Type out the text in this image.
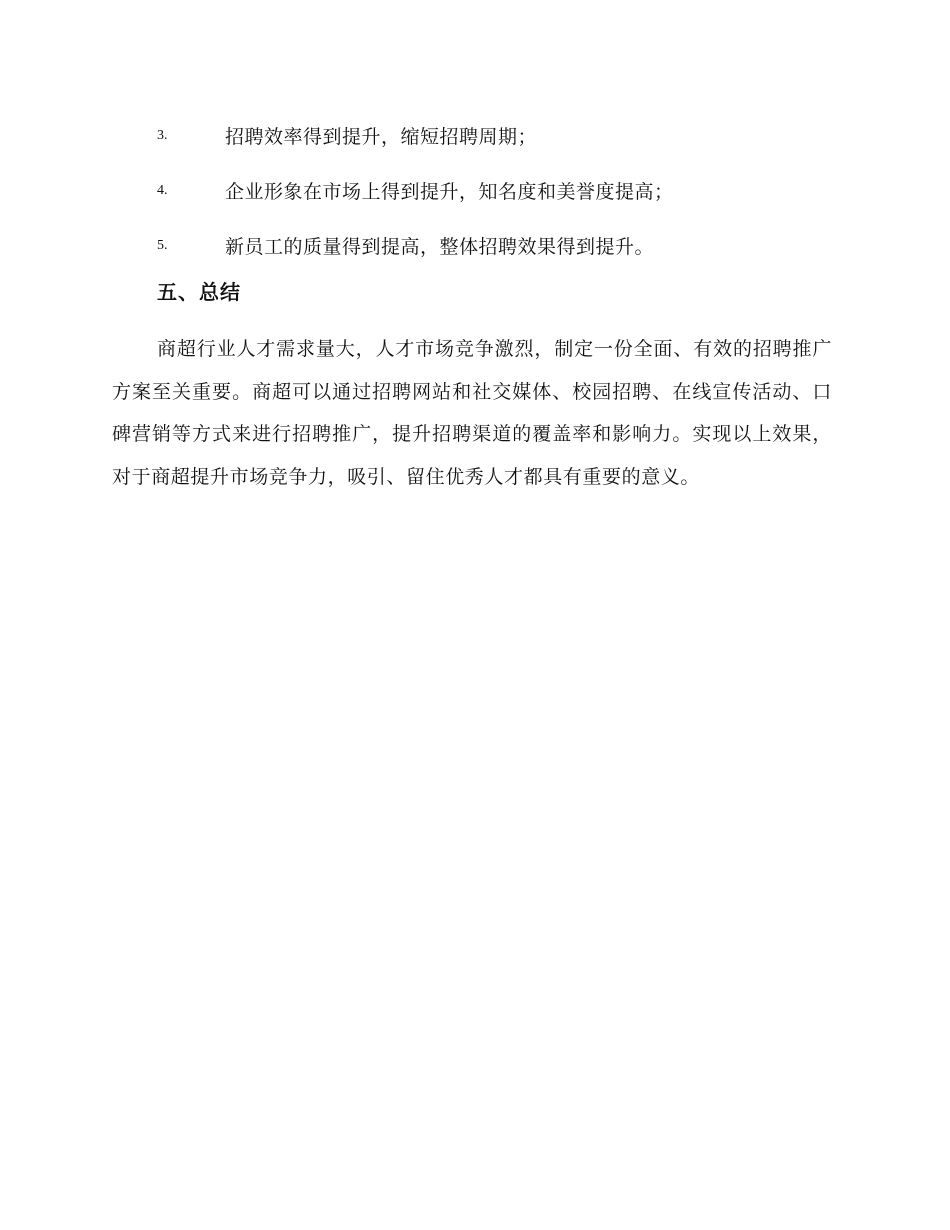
3.	招聘效率得到提升，缩短招聘周期；
4.	企业形象在市场上得到提升，知名度和美誉度提高；
5.	新员工的质量得到提高，整体招聘效果得到提升。
五、总结

商超行业人才需求量大，人才市场竞争激烈，制定一份全面、有效的招聘推广方案至关重要。商超可以通过招聘网站和社交媒体、校园招聘、在线宣传活动、口碑营销等方式来进行招聘推广，提升招聘渠道的覆盖率和影响力。实现以上效果，对于商超提升市场竞争力，吸引、留住优秀人才都具有重要的意义。
